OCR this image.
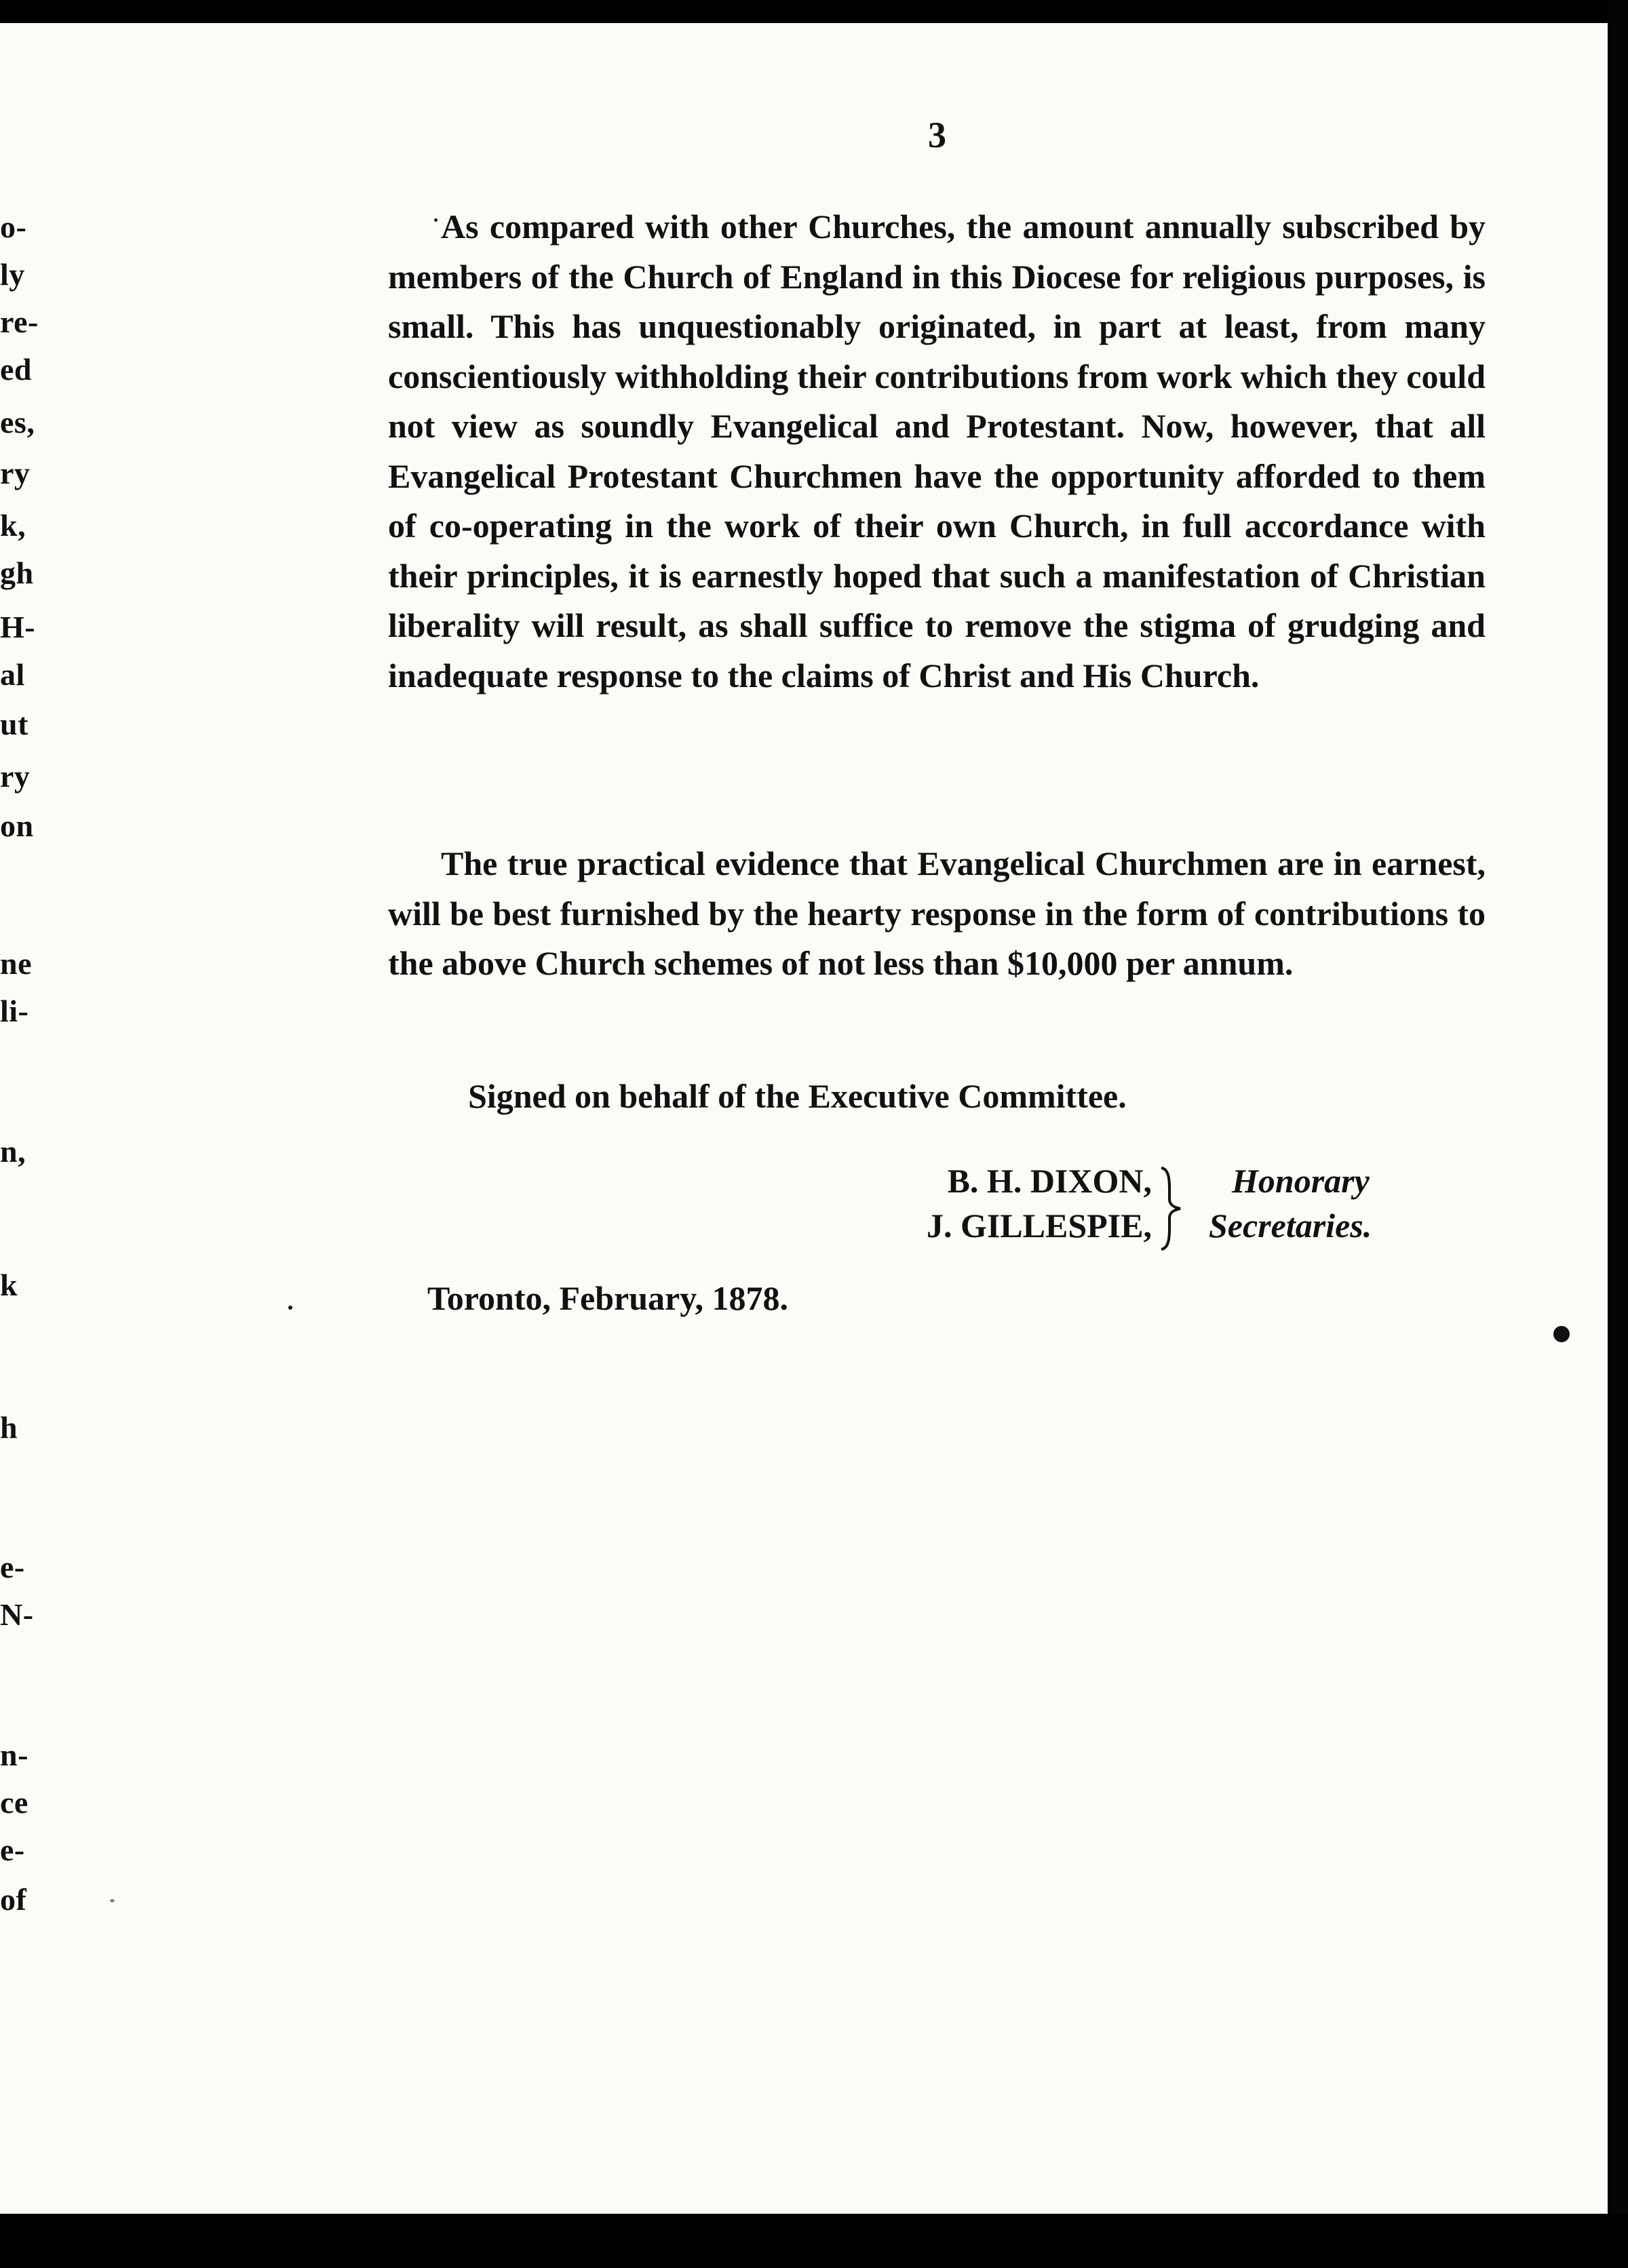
o-
ly
re-
ed
es,
ry
k,
gh
H-
al
ut
ry
on
ne
li-
n,
k
h
e-
N-
n-
ce
e-
of
3

As compared with other Churches, the amount annually subscribed by members of the Church of England in this Diocese for religious purposes, is small. This has unquestionably originated, in part at least, from many conscientiously withholding their contributions from work which they could not view as soundly Evangelical and Protestant. Now, however, that all Evangelical Protestant Churchmen have the opportunity afforded to them of co-operating in the work of their own Church, in full accordance with their principles, it is earnestly hoped that such a manifestation of Christian liberality will result, as shall suffice to remove the stigma of grudging and inadequate response to the claims of Christ and His Church.

The true practical evidence that Evangelical Churchmen are in earnest, will be best furnished by the hearty response in the form of contributions to the above Church schemes of not less than $10,000 per annum.

Signed on behalf of the Executive Committee.
B. H. DIXON,
J. GILLESPIE,
Honorary
Secretaries.
Toronto, February, 1878.
